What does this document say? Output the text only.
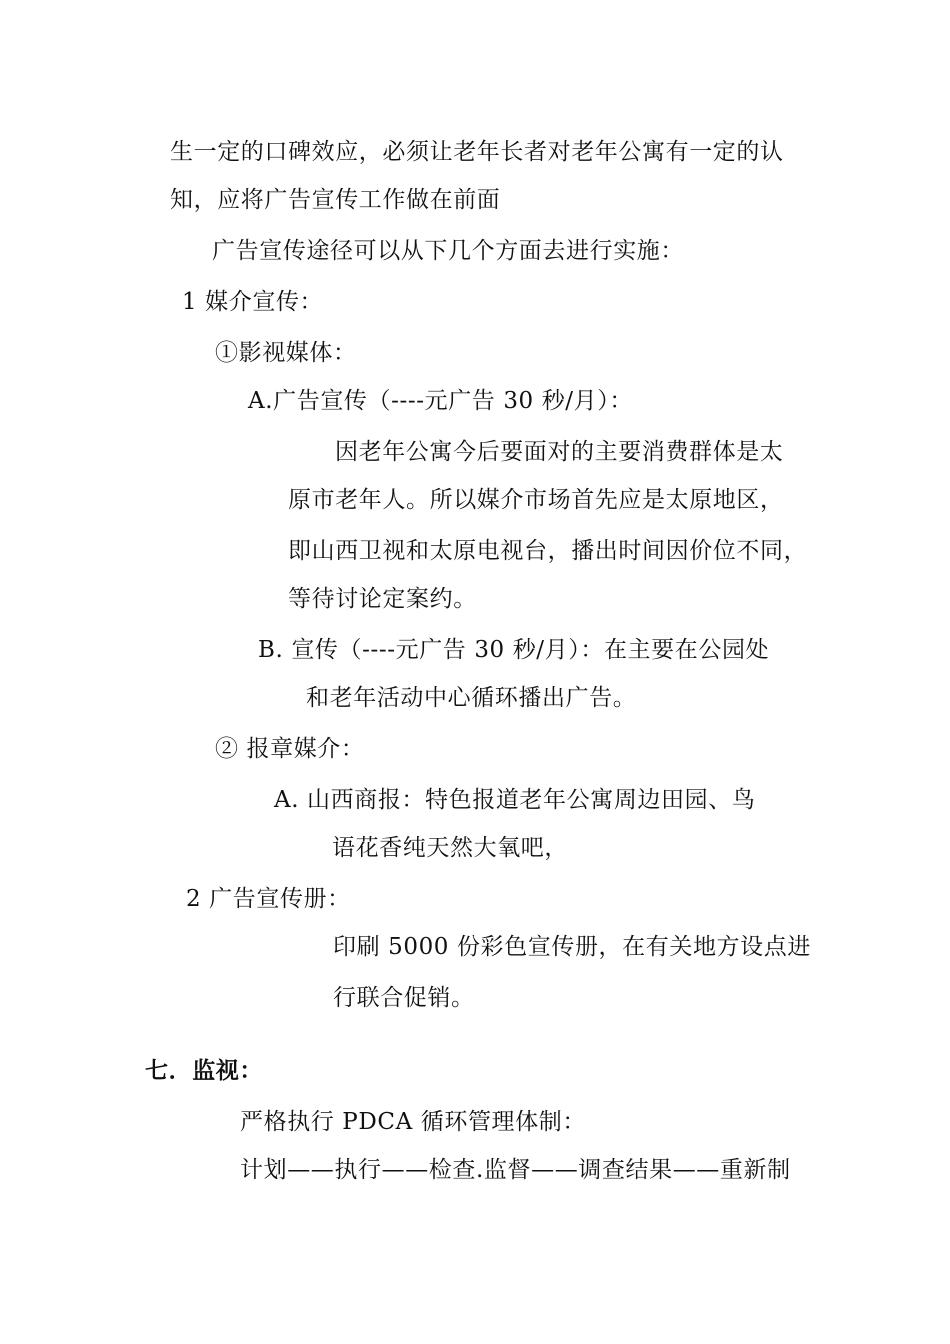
生一定的口碑效应，必须让老年长者对老年公寓有一定的认
知，应将广告宣传工作做在前面
广告宣传途径可以从下几个方面去进行实施：
1 媒介宣传：
①影视媒体：
A.广告宣传（----元广告 30 秒/月）：
因老年公寓今后要面对的主要消费群体是太
原市老年人。所以媒介市场首先应是太原地区，
即山西卫视和太原电视台，播出时间因价位不同，
等待讨论定案约。
B. 宣传（----元广告 30 秒/月）：在主要在公园处
和老年活动中心循环播出广告。
② 报章媒介：
A. 山西商报：特色报道老年公寓周边田园、鸟
语花香纯天然大氧吧，
2 广告宣传册：
印刷 5000 份彩色宣传册，在有关地方设点进
行联合促销。
七．监视：
严格执行 PDCA 循环管理体制：
计划——执行——检查.监督——调查结果——重新制
